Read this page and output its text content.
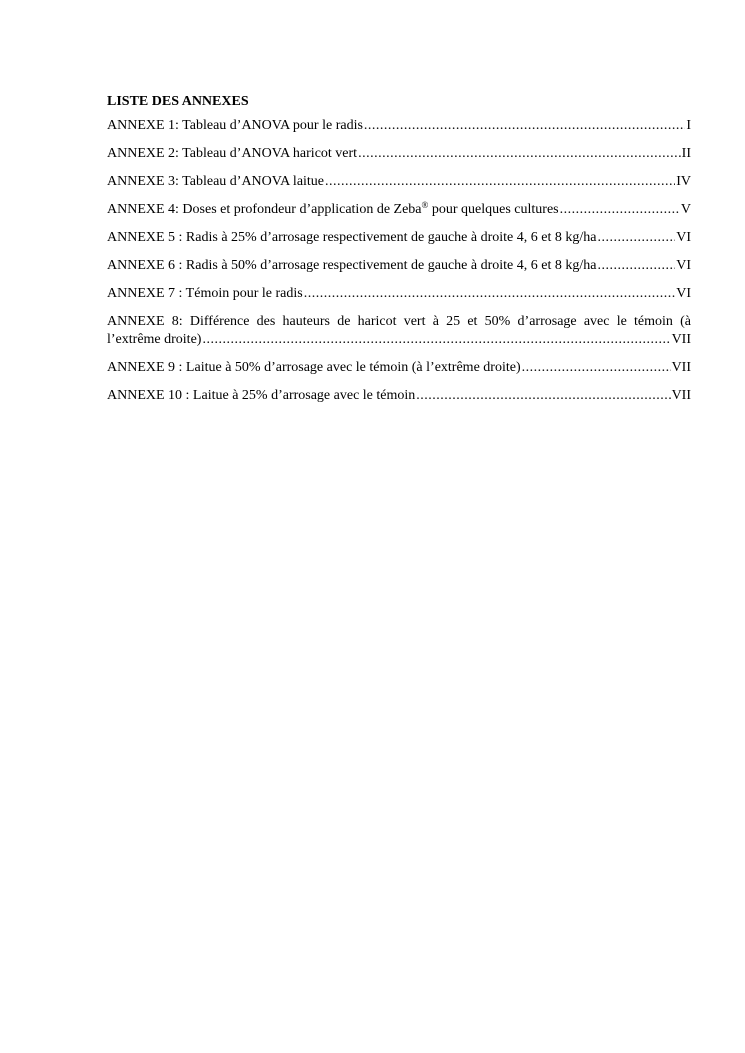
LISTE DES ANNEXES
ANNEXE 1: Tableau d’ANOVA pour le radis .....	I
ANNEXE 2: Tableau d’ANOVA haricot vert .....	II
ANNEXE 3: Tableau d’ANOVA laitue .....	IV
ANNEXE 4: Doses et profondeur d’application de Zeba® pour quelques cultures .....	V
ANNEXE 5 : Radis à 25% d’arrosage respectivement de gauche à droite 4, 6 et 8 kg/ha .....	VI
ANNEXE 6 : Radis à 50% d’arrosage respectivement de gauche à droite 4, 6 et 8 kg/ha .....	VI
ANNEXE 7 : Témoin pour le radis .....	VI
ANNEXE 8: Différence des hauteurs de haricot vert à 25 et 50% d’arrosage avec le témoin (à
l’extrême droite) .....	VII
ANNEXE 9 : Laitue à 50% d’arrosage avec le témoin (à l’extrême droite) .....	VII
ANNEXE 10 : Laitue à 25% d’arrosage avec le témoin .....	VII
